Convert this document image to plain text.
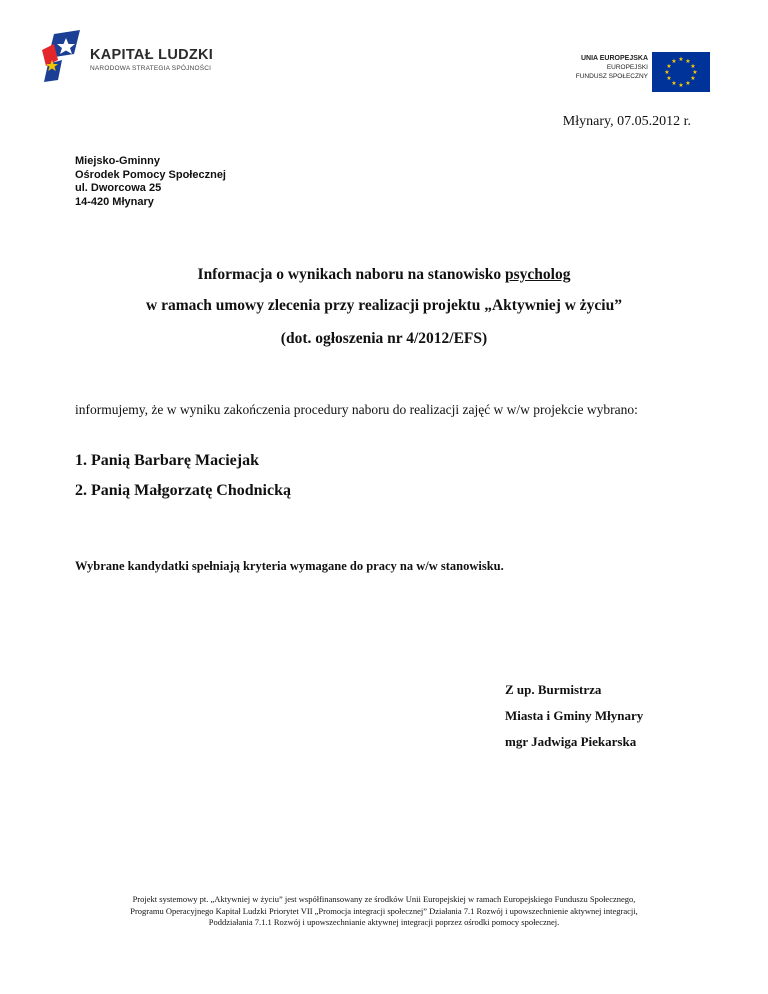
KAPITAŁ LUDZKI
NARODOWA STRATEGIA SPÓJNOŚCI
UNIA EUROPEJSKA
EUROPEJSKI
FUNDUSZ SPOŁECZNY
★ ★
★
★
★
★
★
★
★
★
★
★
Młynary, 07.05.2012 r.
Miejsko-Gminny
Ośrodek Pomocy Społecznej
ul. Dworcowa 25
14-420 Młynary
Informacja o wynikach naboru na stanowisko psycholog
w ramach umowy zlecenia przy realizacji projektu „Aktywniej w życiu”
(dot. ogłoszenia nr 4/2012/EFS)
informujemy, że w wyniku zakończenia procedury naboru do realizacji zajęć w w/w projekcie wybrano:
1. Panią Barbarę Maciejak
2. Panią Małgorzatę Chodnicką
Wybrane kandydatki spełniają kryteria wymagane do pracy na w/w stanowisku.
Z up. Burmistrza
Miasta i Gminy Młynary
mgr Jadwiga Piekarska
Projekt systemowy pt. „Aktywniej w życiu” jest współfinansowany ze środków Unii Europejskiej w ramach Europejskiego Funduszu Społecznego,
Programu Operacyjnego Kapitał Ludzki Priorytet VII „Promocja integracji społecznej” Działania 7.1 Rozwój i upowszechnienie aktywnej integracji,
Poddziałania 7.1.1 Rozwój i upowszechnianie aktywnej integracji poprzez ośrodki pomocy społecznej.
